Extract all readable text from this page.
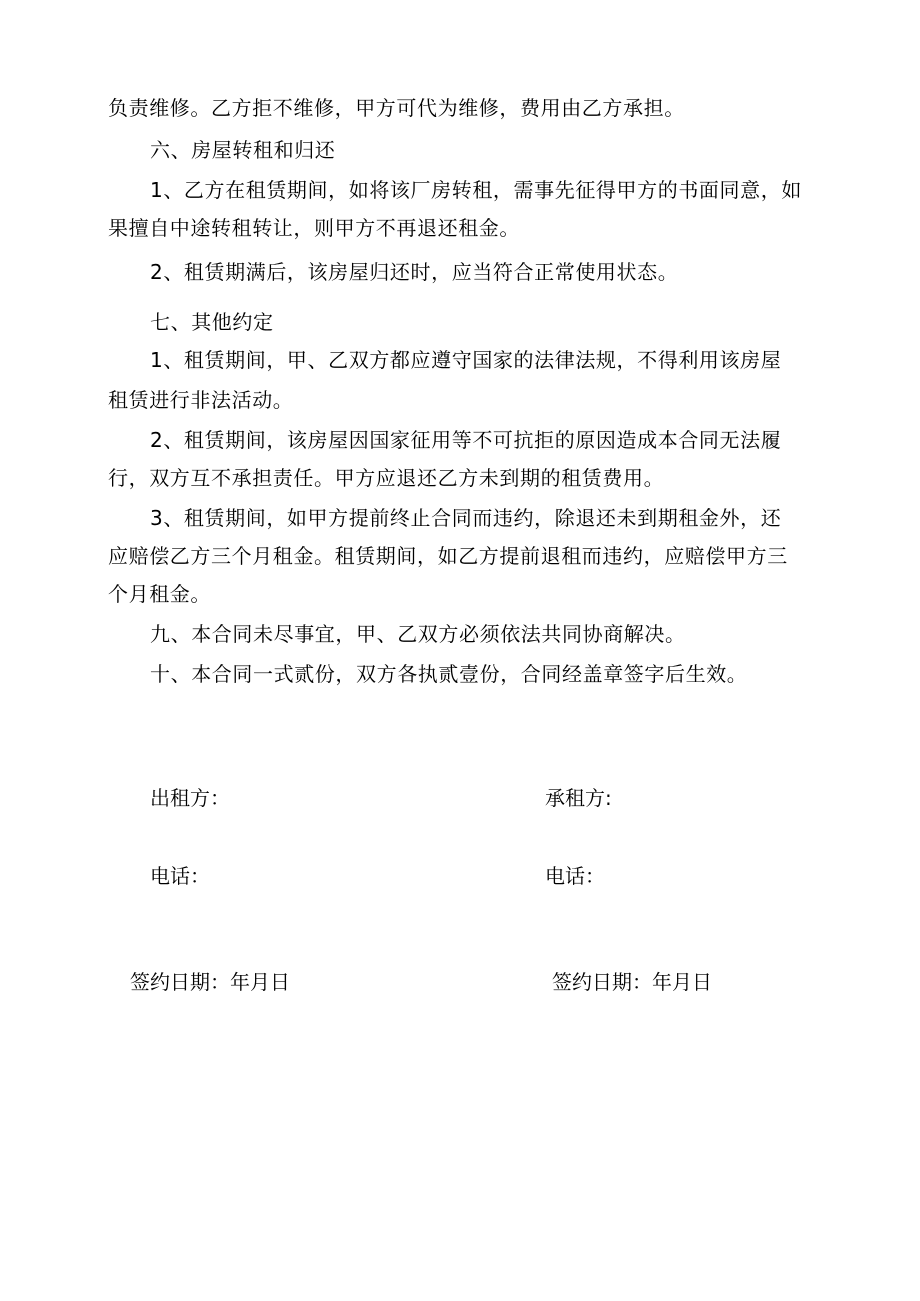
负责维修。乙方拒不维修，甲方可代为维修，费用由乙方承担。
六、房屋转租和归还
1、乙方在租赁期间，如将该厂房转租，需事先征得甲方的书面同意，如
果擅自中途转租转让，则甲方不再退还租金。
2、租赁期满后，该房屋归还时，应当符合正常使用状态。
七、其他约定
1、租赁期间，甲、乙双方都应遵守国家的法律法规，不得利用该房屋
租赁进行非法活动。
2、租赁期间，该房屋因国家征用等不可抗拒的原因造成本合同无法履
行，双方互不承担责任。甲方应退还乙方未到期的租赁费用。
3、租赁期间，如甲方提前终止合同而违约，除退还未到期租金外，还
应赔偿乙方三个月租金。租赁期间，如乙方提前退租而违约，应赔偿甲方三
个月租金。
九、本合同未尽事宜，甲、乙双方必须依法共同协商解决。
十、本合同一式贰份，双方各执贰壹份，合同经盖章签字后生效。
出租方：	承租方:
电话：	电话：
签约日期：年月日	签约日期：年月日
